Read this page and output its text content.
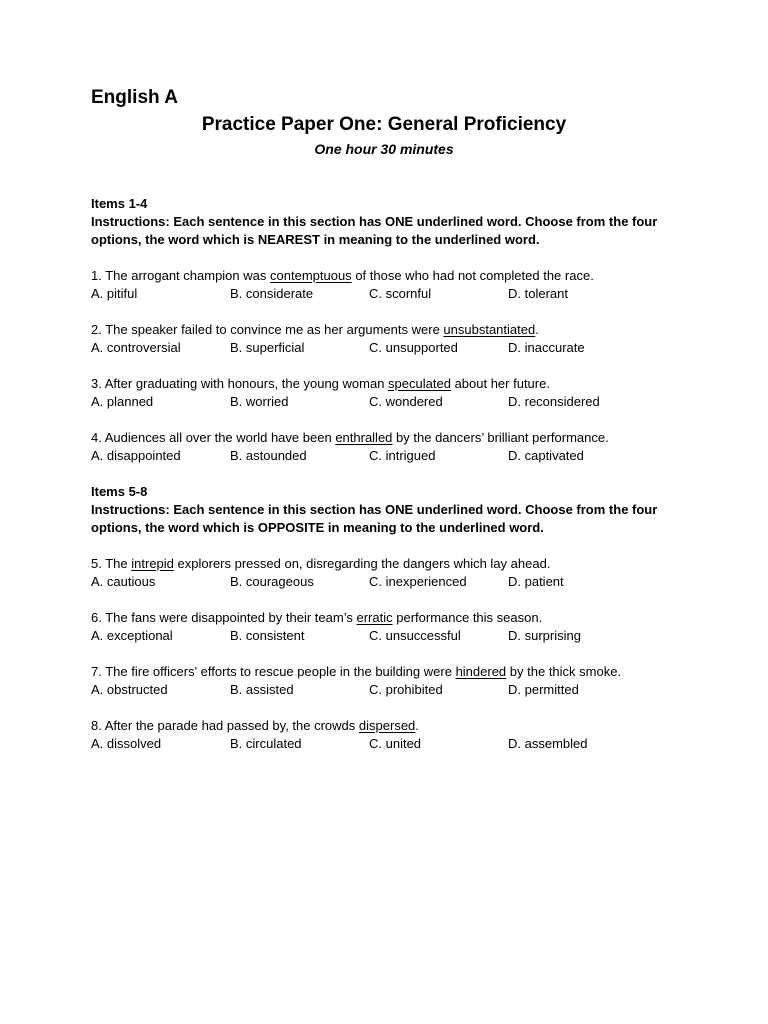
English A
Practice Paper One: General Proficiency
One hour 30 minutes
Items 1-4
Instructions: Each sentence in this section has ONE underlined word. Choose from the four options, the word which is NEAREST in meaning to the underlined word.
1. The arrogant champion was contemptuous of those who had not completed the race.
A. pitiful	B. considerate	C. scornful	D. tolerant
2. The speaker failed to convince me as her arguments were unsubstantiated.
A. controversial	B. superficial	C. unsupported	D. inaccurate
3. After graduating with honours, the young woman speculated about her future.
A. planned	B. worried	C. wondered	D. reconsidered
4. Audiences all over the world have been enthralled by the dancers’ brilliant performance.
A. disappointed	B. astounded	C. intrigued	D. captivated
Items 5-8
Instructions: Each sentence in this section has ONE underlined word. Choose from the four options, the word which is OPPOSITE in meaning to the underlined word.
5. The intrepid explorers pressed on, disregarding the dangers which lay ahead.
A. cautious	B. courageous	C. inexperienced	D. patient
6. The fans were disappointed by their team’s erratic performance this season.
A. exceptional	B. consistent	C. unsuccessful	D. surprising
7. The fire officers' efforts to rescue people in the building were hindered by the thick smoke.
A. obstructed	B. assisted	C. prohibited	D. permitted
8. After the parade had passed by, the crowds dispersed.
A. dissolved	B. circulated	C. united	D. assembled
